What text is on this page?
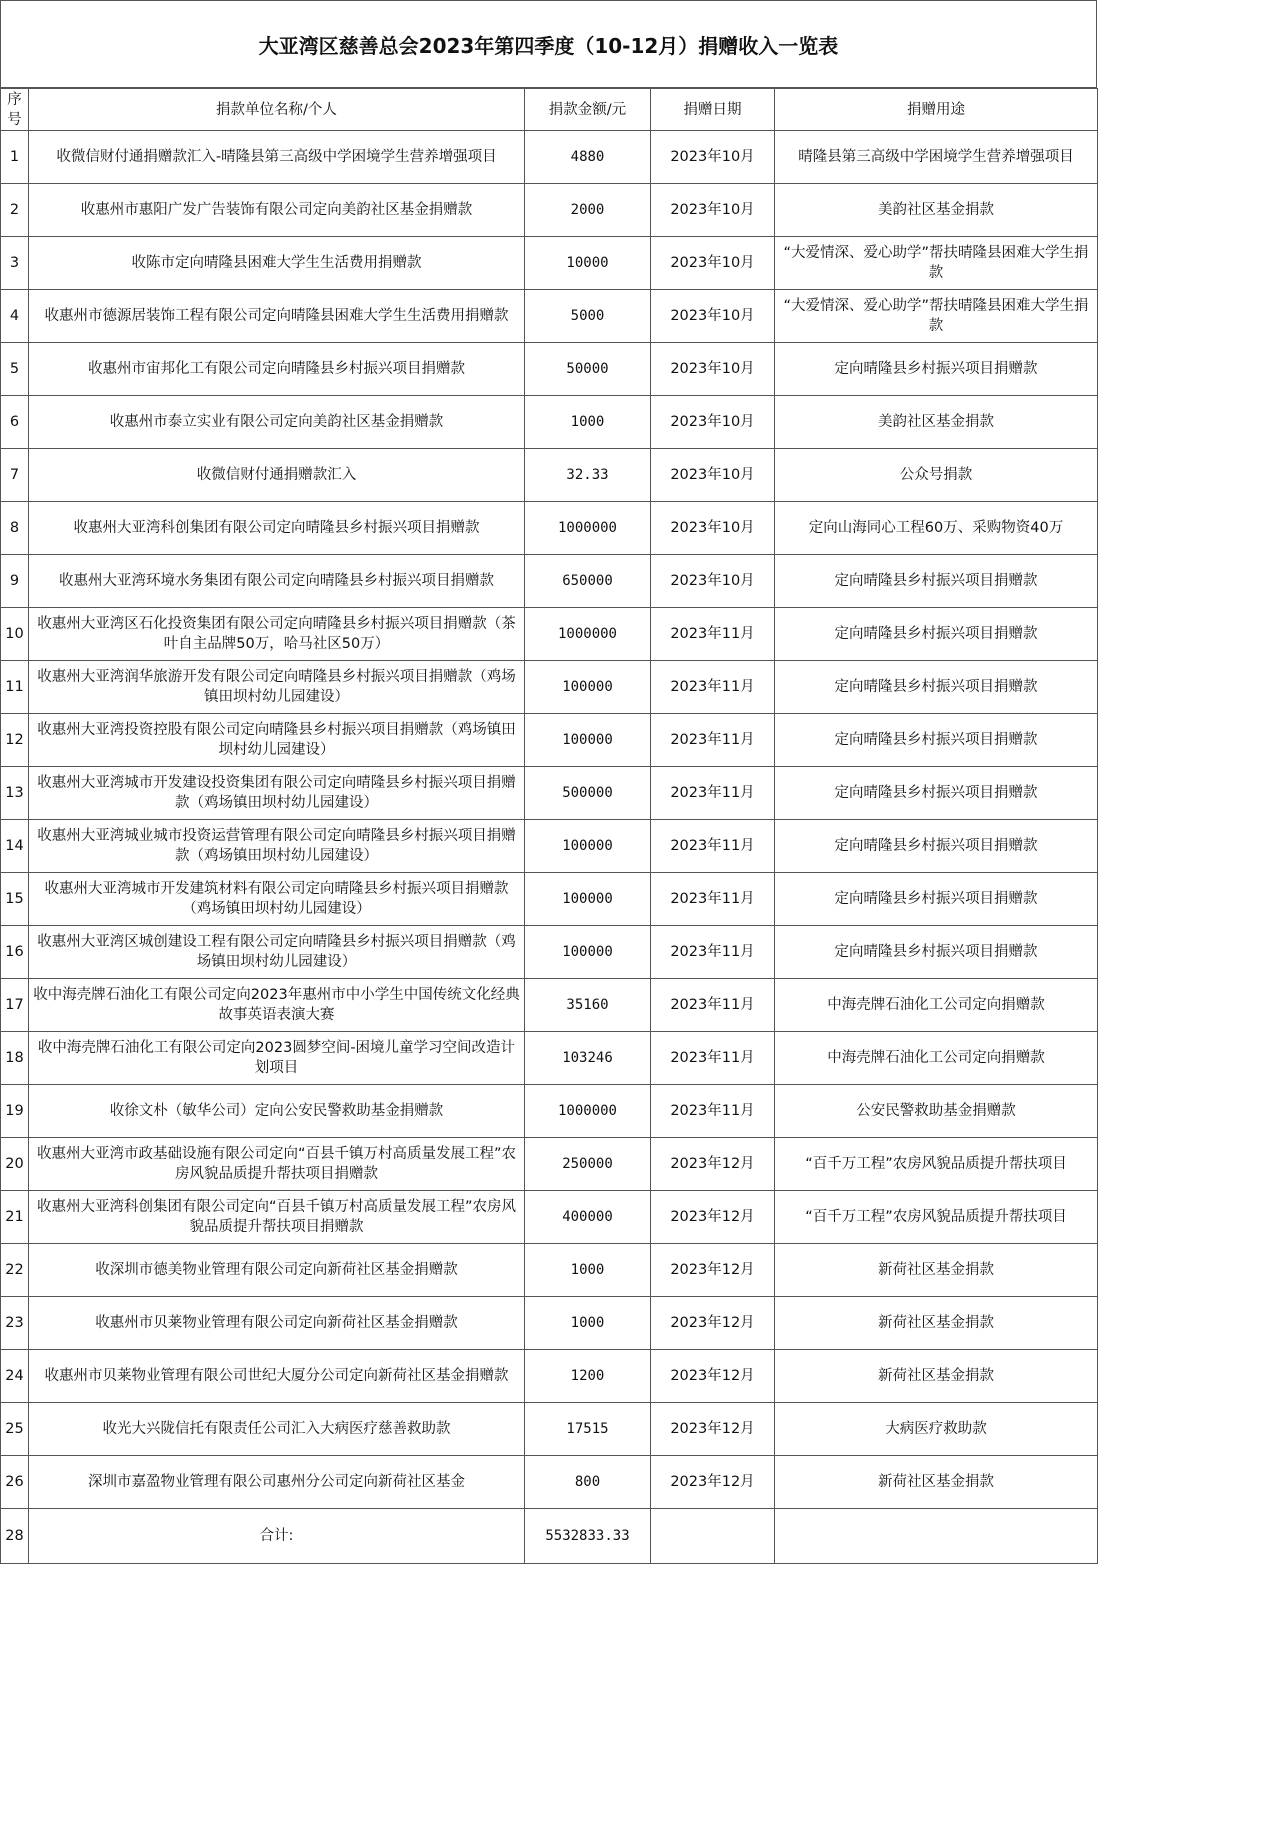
大亚湾区慈善总会2023年第四季度（10-12月）捐赠收入一览表
序号	捐款单位名称/个人	捐款金额/元	捐赠日期	捐赠用途
1	收微信财付通捐赠款汇入-晴隆县第三高级中学困境学生营养增强项目	4880	2023年10月	晴隆县第三高级中学困境学生营养增强项目
2	收惠州市惠阳广发广告装饰有限公司定向美韵社区基金捐赠款	2000	2023年10月	美韵社区基金捐款
3	收陈市定向晴隆县困难大学生生活费用捐赠款	10000	2023年10月	“大爱情深、爱心助学”帮扶晴隆县困难大学生捐款
4	收惠州市德源居装饰工程有限公司定向晴隆县困难大学生生活费用捐赠款	5000	2023年10月	“大爱情深、爱心助学”帮扶晴隆县困难大学生捐款
5	收惠州市宙邦化工有限公司定向晴隆县乡村振兴项目捐赠款	50000	2023年10月	定向晴隆县乡村振兴项目捐赠款
6	收惠州市泰立实业有限公司定向美韵社区基金捐赠款	1000	2023年10月	美韵社区基金捐款
7	收微信财付通捐赠款汇入	32.33	2023年10月	公众号捐款
8	收惠州大亚湾科创集团有限公司定向晴隆县乡村振兴项目捐赠款	1000000	2023年10月	定向山海同心工程60万、采购物资40万
9	收惠州大亚湾环境水务集团有限公司定向晴隆县乡村振兴项目捐赠款	650000	2023年10月	定向晴隆县乡村振兴项目捐赠款
10	收惠州大亚湾区石化投资集团有限公司定向晴隆县乡村振兴项目捐赠款（茶叶自主品牌50万，哈马社区50万）	1000000	2023年11月	定向晴隆县乡村振兴项目捐赠款
11	收惠州大亚湾润华旅游开发有限公司定向晴隆县乡村振兴项目捐赠款（鸡场镇田坝村幼儿园建设）	100000	2023年11月	定向晴隆县乡村振兴项目捐赠款
12	收惠州大亚湾投资控股有限公司定向晴隆县乡村振兴项目捐赠款（鸡场镇田坝村幼儿园建设）	100000	2023年11月	定向晴隆县乡村振兴项目捐赠款
13	收惠州大亚湾城市开发建设投资集团有限公司定向晴隆县乡村振兴项目捐赠款（鸡场镇田坝村幼儿园建设）	500000	2023年11月	定向晴隆县乡村振兴项目捐赠款
14	收惠州大亚湾城业城市投资运营管理有限公司定向晴隆县乡村振兴项目捐赠款（鸡场镇田坝村幼儿园建设）	100000	2023年11月	定向晴隆县乡村振兴项目捐赠款
15	收惠州大亚湾城市开发建筑材料有限公司定向晴隆县乡村振兴项目捐赠款（鸡场镇田坝村幼儿园建设）	100000	2023年11月	定向晴隆县乡村振兴项目捐赠款
16	收惠州大亚湾区城创建设工程有限公司定向晴隆县乡村振兴项目捐赠款（鸡场镇田坝村幼儿园建设）	100000	2023年11月	定向晴隆县乡村振兴项目捐赠款
17	收中海壳牌石油化工有限公司定向2023年惠州市中小学生中国传统文化经典故事英语表演大赛	35160	2023年11月	中海壳牌石油化工公司定向捐赠款
18	收中海壳牌石油化工有限公司定向2023圆梦空间-困境儿童学习空间改造计划项目	103246	2023年11月	中海壳牌石油化工公司定向捐赠款
19	收徐文朴（敏华公司）定向公安民警救助基金捐赠款	1000000	2023年11月	公安民警救助基金捐赠款
20	收惠州大亚湾市政基础设施有限公司定向“百县千镇万村高质量发展工程”农房风貌品质提升帮扶项目捐赠款	250000	2023年12月	“百千万工程”农房风貌品质提升帮扶项目
21	收惠州大亚湾科创集团有限公司定向“百县千镇万村高质量发展工程”农房风貌品质提升帮扶项目捐赠款	400000	2023年12月	“百千万工程”农房风貌品质提升帮扶项目
22	收深圳市德美物业管理有限公司定向新荷社区基金捐赠款	1000	2023年12月	新荷社区基金捐款
23	收惠州市贝莱物业管理有限公司定向新荷社区基金捐赠款	1000	2023年12月	新荷社区基金捐款
24	收惠州市贝莱物业管理有限公司世纪大厦分公司定向新荷社区基金捐赠款	1200	2023年12月	新荷社区基金捐款
25	收光大兴陇信托有限责任公司汇入大病医疗慈善救助款	17515	2023年12月	大病医疗救助款
26	深圳市嘉盈物业管理有限公司惠州分公司定向新荷社区基金	800	2023年12月	新荷社区基金捐款
28	合计:	5532833.33		
